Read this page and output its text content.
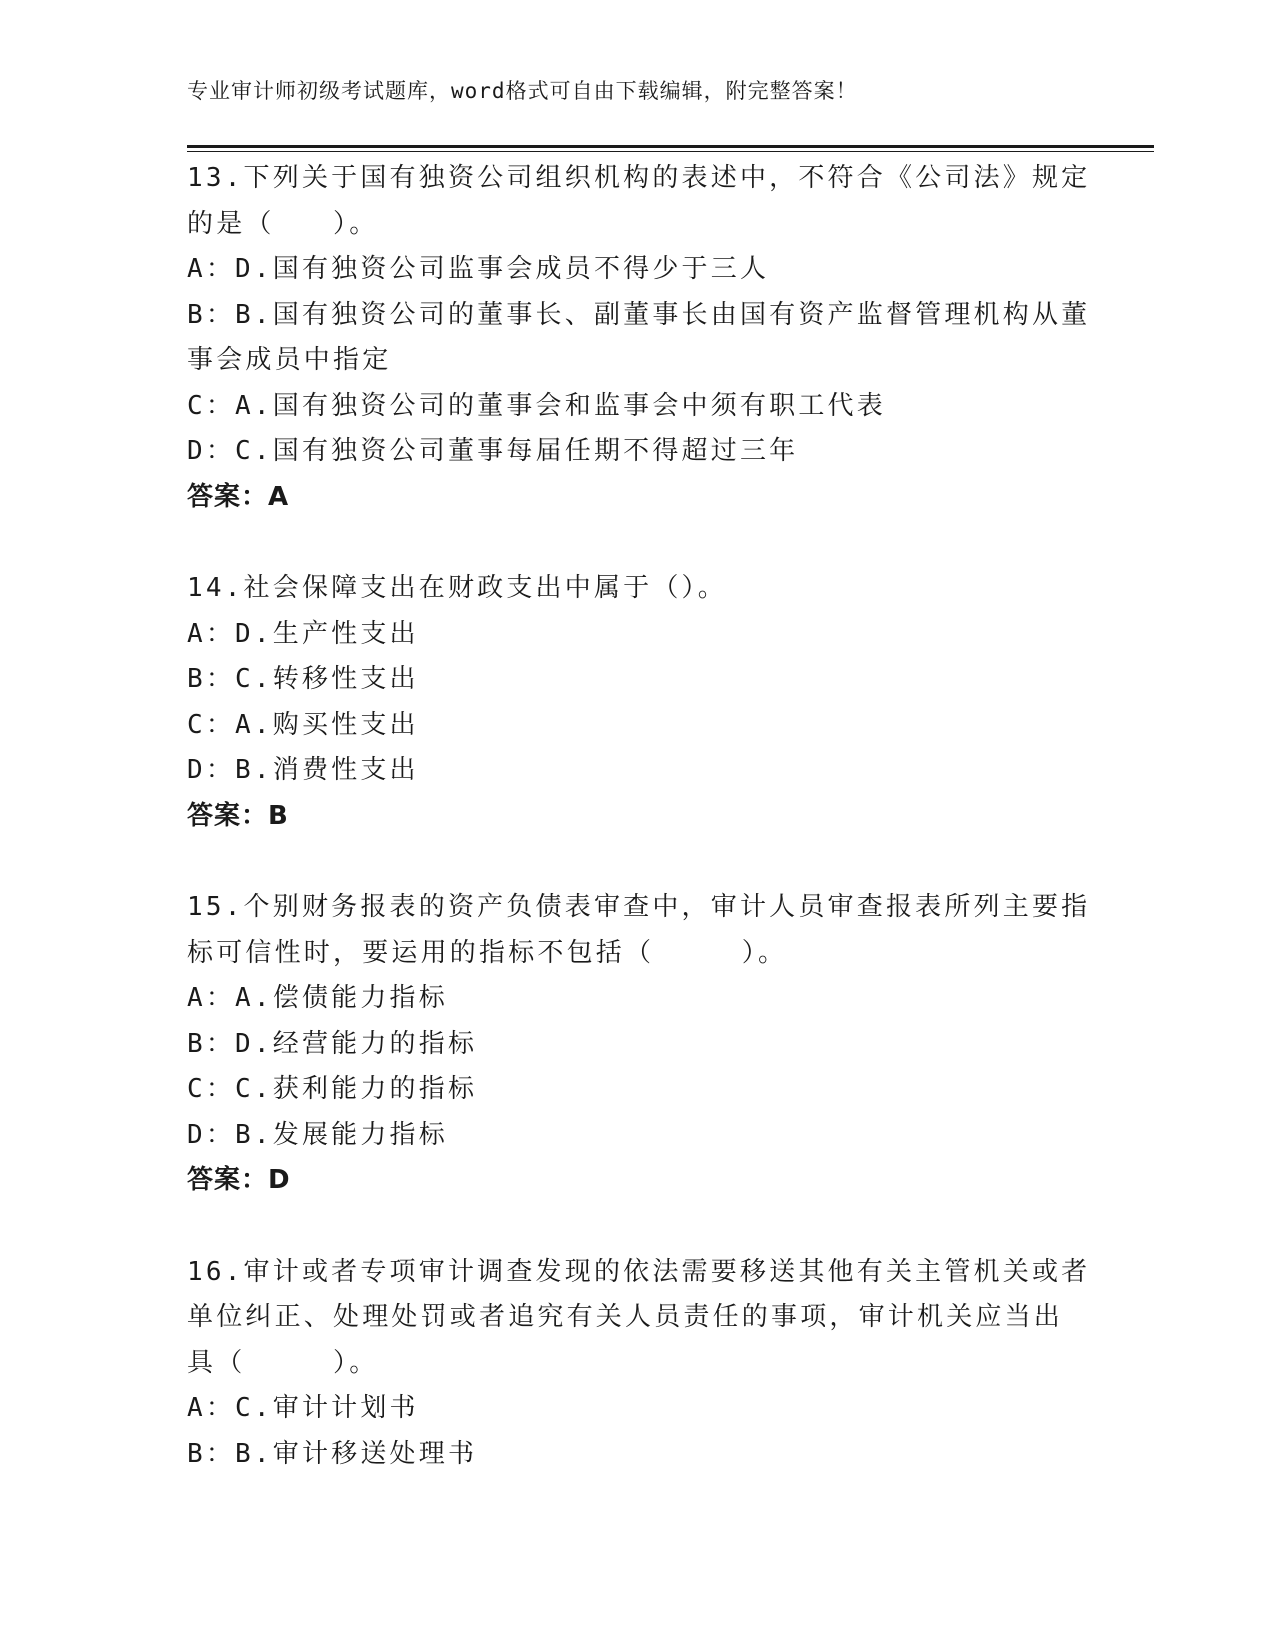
专业审计师初级考试题库，word格式可自由下载编辑，附完整答案！

13.下列关于国有独资公司组织机构的表述中，不符合《公司法》规定

的是（　　）。

A：D.国有独资公司监事会成员不得少于三人

B：B.国有独资公司的董事长、副董事长由国有资产监督管理机构从董

事会成员中指定

C：A.国有独资公司的董事会和监事会中须有职工代表

D：C.国有独资公司董事每届任期不得超过三年

答案：A

14.社会保障支出在财政支出中属于（）。

A：D.生产性支出

B：C.转移性支出

C：A.购买性支出

D：B.消费性支出

答案：B

15.个别财务报表的资产负债表审查中，审计人员审查报表所列主要指

标可信性时，要运用的指标不包括（　　　）。

A：A.偿债能力指标

B：D.经营能力的指标

C：C.获利能力的指标

D：B.发展能力指标

答案：D

16.审计或者专项审计调查发现的依法需要移送其他有关主管机关或者

单位纠正、处理处罚或者追究有关人员责任的事项，审计机关应当出

具（　　　）。

A：C.审计计划书

B：B.审计移送处理书
